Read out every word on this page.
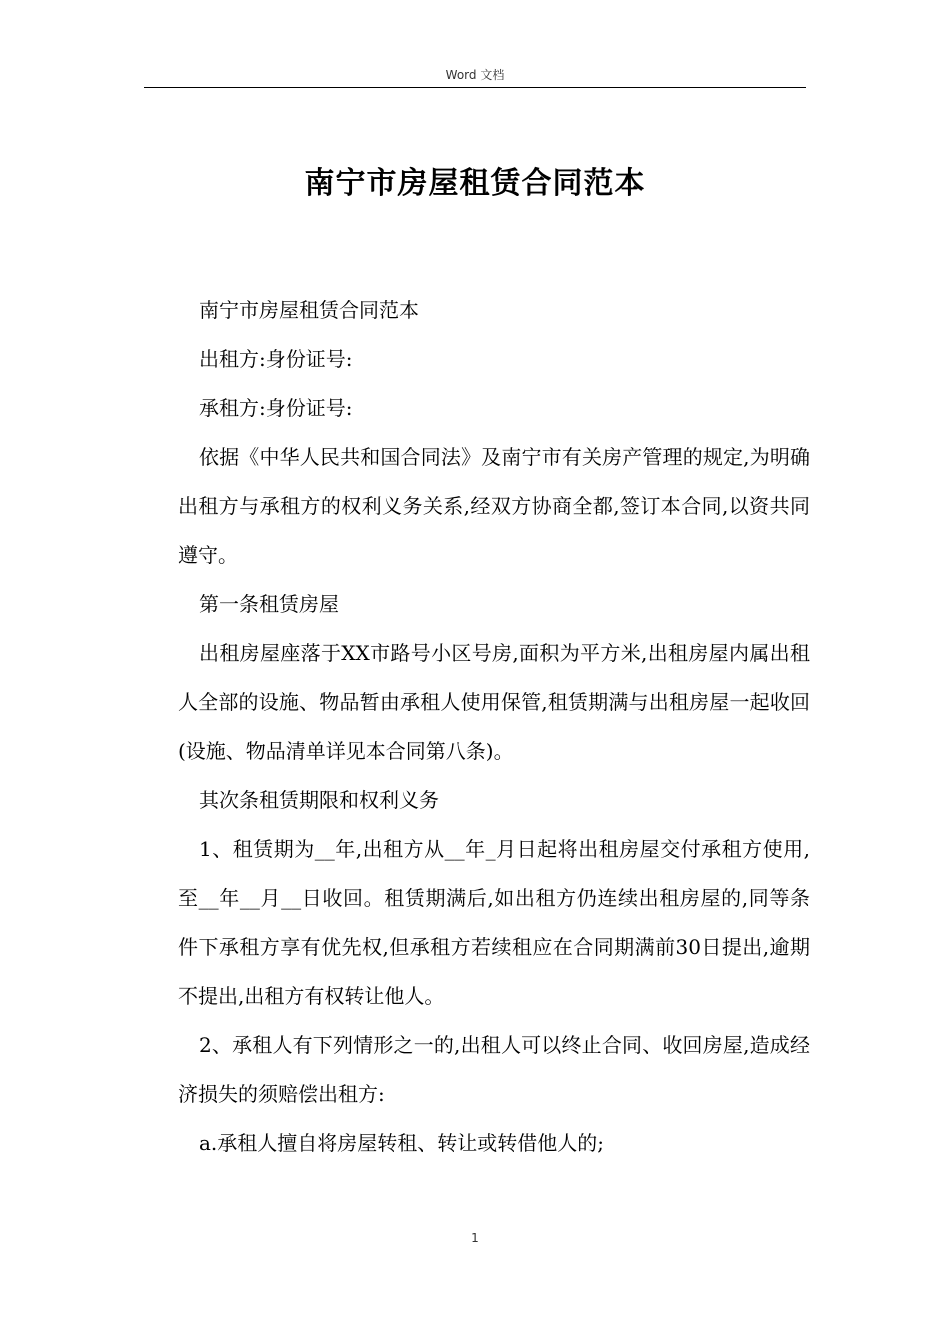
Word 文档
南宁市房屋租赁合同范本

南宁市房屋租赁合同范本

出租方:身份证号:

承租方:身份证号:

依据《中华人民共和国合同法》及南宁市有关房产管理的规定,为明确出租方与承租方的权利义务关系,经双方协商全都,签订本合同,以资共同遵守。

第一条租赁房屋

出租房屋座落于XX市路号小区号房,面积为平方米,出租房屋内属出租人全部的设施、物品暂由承租人使用保管,租赁期满与出租房屋一起收回(设施、物品清单详见本合同第八条)。

其次条租赁期限和权利义务

1、租赁期为__年,出租方从__年_月日起将出租房屋交付承租方使用,至__年__月__日收回。租赁期满后,如出租方仍连续出租房屋的,同等条件下承租方享有优先权,但承租方若续租应在合同期满前30日提出,逾期不提出,出租方有权转让他人。

2、承租人有下列情形之一的,出租人可以终止合同、收回房屋,造成经济损失的须赔偿出租方:

a.承租人擅自将房屋转租、转让或转借他人的;

1
